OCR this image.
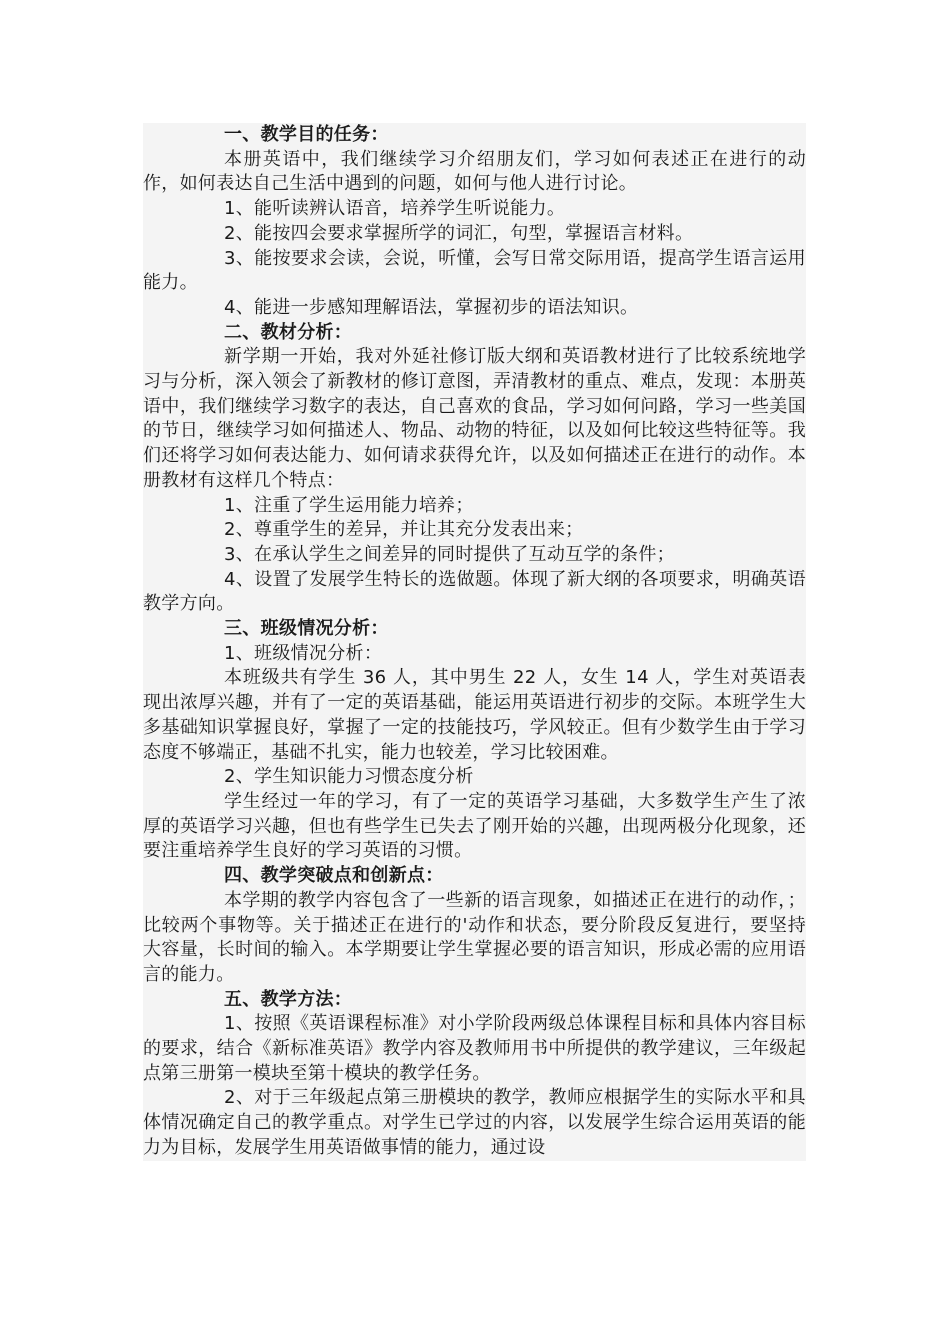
一、教学目的任务：

本册英语中，我们继续学习介绍朋友们，学习如何表述正在进行的动作，如何表达自己生活中遇到的问题，如何与他人进行讨论。

1、能听读辨认语音，培养学生听说能力。

2、能按四会要求掌握所学的词汇，句型，掌握语言材料。

3、能按要求会读，会说，听懂，会写日常交际用语，提高学生语言运用能力。

4、能进一步感知理解语法，掌握初步的语法知识。

二、教材分析：

新学期一开始，我对外延社修订版大纲和英语教材进行了比较系统地学习与分析，深入领会了新教材的修订意图，弄清教材的重点、难点，发现：本册英语中，我们继续学习数字的表达，自己喜欢的食品，学习如何问路，学习一些美国的节日，继续学习如何描述人、物品、动物的特征，以及如何比较这些特征等。我们还将学习如何表达能力、如何请求获得允许，以及如何描述正在进行的动作。本册教材有这样几个特点：

1、注重了学生运用能力培养；

2、尊重学生的差异，并让其充分发表出来；

3、在承认学生之间差异的同时提供了互动互学的条件；

4、设置了发展学生特长的选做题。体现了新大纲的各项要求，明确英语教学方向。

三、班级情况分析：

1、班级情况分析：

本班级共有学生 36 人，其中男生 22 人，女生 14 人，学生对英语表现出浓厚兴趣，并有了一定的英语基础，能运用英语进行初步的交际。本班学生大多基础知识掌握良好，掌握了一定的技能技巧，学风较正。但有少数学生由于学习态度不够端正，基础不扎实，能力也较差，学习比较困难。

2、学生知识能力习惯态度分析

学生经过一年的学习，有了一定的英语学习基础，大多数学生产生了浓厚的英语学习兴趣，但也有些学生已失去了刚开始的兴趣，出现两极分化现象，还要注重培养学生良好的学习英语的习惯。

四、教学突破点和创新点：

本学期的教学内容包含了一些新的语言现象，如描述正在进行的动作，；比较两个事物等。关于描述正在进行的'动作和状态，要分阶段反复进行，要坚持大容量，长时间的输入。本学期要让学生掌握必要的语言知识，形成必需的应用语言的能力。

五、教学方法：

1、按照《英语课程标准》对小学阶段两级总体课程目标和具体内容目标的要求，结合《新标准英语》教学内容及教师用书中所提供的教学建议，三年级起点第三册第一模块至第十模块的教学任务。

2、对于三年级起点第三册模块的教学，教师应根据学生的实际水平和具体情况确定自己的教学重点。对学生已学过的内容，以发展学生综合运用英语的能力为目标，发展学生用英语做事情的能力，通过设
